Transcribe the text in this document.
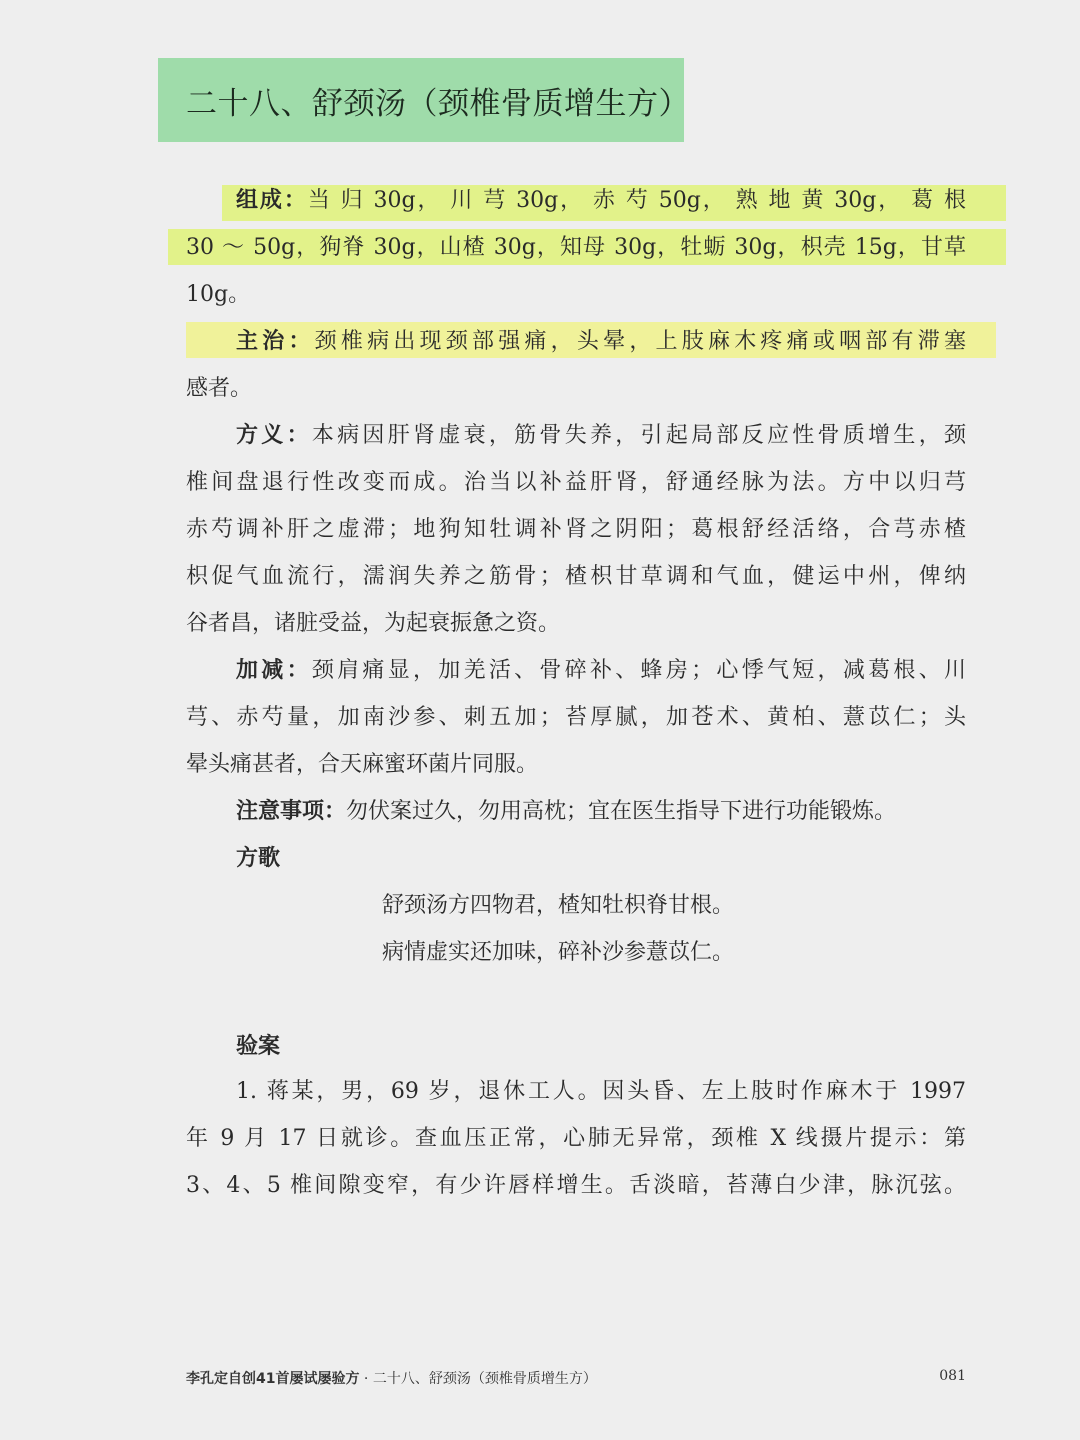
二十八、舒颈汤（颈椎骨质增生方）
组成：当 归 30g， 川 芎 30g， 赤 芍 50g， 熟 地 黄 30g， 葛 根
30 ～ 50g，狗脊 30g，山楂 30g，知母 30g，牡蛎 30g，枳壳 15g，甘草
10g。
主治：颈椎病出现颈部强痛，头晕，上肢麻木疼痛或咽部有滞塞
感者。
方义：本病因肝肾虚衰，筋骨失养，引起局部反应性骨质增生，颈
椎间盘退行性改变而成。治当以补益肝肾，舒通经脉为法。方中以归芎
赤芍调补肝之虚滞；地狗知牡调补肾之阴阳；葛根舒经活络，合芎赤楂
枳促气血流行，濡润失养之筋骨；楂枳甘草调和气血，健运中州，俾纳
谷者昌，诸脏受益，为起衰振惫之资。
加减：颈肩痛显，加羌活、骨碎补、蜂房；心悸气短，减葛根、川
芎、赤芍量，加南沙参、刺五加；苔厚腻，加苍术、黄柏、薏苡仁；头
晕头痛甚者，合天麻蜜环菌片同服。
注意事项：勿伏案过久，勿用高枕；宜在医生指导下进行功能锻炼。
方歌
舒颈汤方四物君，楂知牡枳脊甘根。
病情虚实还加味，碎补沙参薏苡仁。
验案
1. 蒋某，男，69 岁，退休工人。因头昏、左上肢时作麻木于 1997
年 9 月 17 日就诊。查血压正常，心肺无异常，颈椎 X 线摄片提示：第
3、4、5 椎间隙变窄，有少许唇样增生。舌淡暗，苔薄白少津，脉沉弦。
李孔定自创41首屡试屡验方 · 二十八、舒颈汤（颈椎骨质增生方）	081
